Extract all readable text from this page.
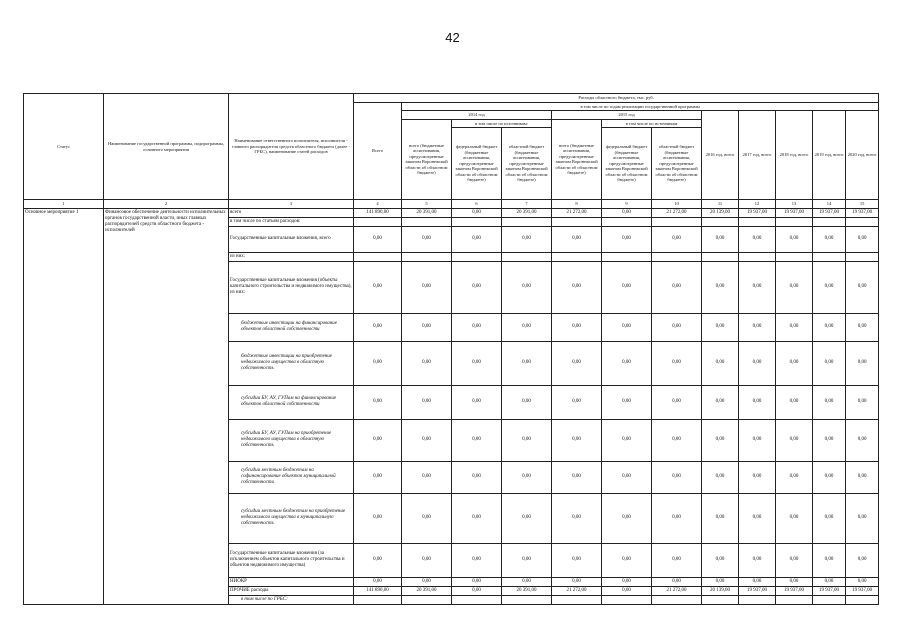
42
Статус	Наименование государственной программы, подпрограммы, основного мероприятия	Наименование ответственного исполнителя, исполнителя - главного распорядителя средств областного бюджета (далее - ГРБС), наименование статей расходов	Расходы областного бюджета, тыс. руб.											
			Всего	в том числе по годам реализации государственной программы										
				2014 год			2015 год			2016 год, всего	2017 год, всего	2018 год, всего	2019 год, всего	2020 год, всего
				всего (бюджетные ассигнования, предусмотренные законом Воронежской области об областном бюджете)	в том числе по источникам:		всего (бюджетные ассигнования, предусмотренные законом Воронежской области об областном бюджете)	в том числе по источникам						
					федеральный бюджет (бюджетные ассигнования, предусмотренные законом Воронежской области об областном бюджете)	областной бюджет (бюджетные ассигнования, предусмотренные законом Воронежской области об областном бюджете)		федеральный бюджет (бюджетные ассигнования, предусмотренные законом Воронежской области об областном бюджете)	областной бюджет (бюджетные ассигнования, предусмотренные законом Воронежской области об областном бюджете)					
1	2	3	4	5	6	7	8	9	10	11	12	13	14	15
Основное мероприятие 1	Финансовое обеспечение деятельности исполнительных органов государственной власти, иных главных распорядителей средств областного бюджета - исполнителей	всего	141 890,00	20 391,00	0,00	20 391,00	21 272,00	0,00	21 272,00	20 139,00	19 937,00	19 937,00	19 937,00	19 937,00
		в том числе по статьям расходов:												
		Государственные капитальные вложения, всего	0,00	0,00	0,00	0,00	0,00	0,00	0,00	0,00	0,00	0,00	0,00	0,00
		из них:												
		Государственные капитальные вложения (объекты капитального строительства и недвижимого имущества), из них:	0,00	0,00	0,00	0,00	0,00	0,00	0,00	0,00	0,00	0,00	0,00	0,00
		бюджетные инвестиции на финансирование объектов областной собственности	0,00	0,00	0,00	0,00	0,00	0,00	0,00	0,00	0,00	0,00	0,00	0,00
		бюджетные инвестиции на приобретение недвижимого имущества в областную собственность	0,00	0,00	0,00	0,00	0,00	0,00	0,00	0,00	0,00	0,00	0,00	0,00
		субсидии БУ, АУ, ГУПам на финансирование объектов областной собственности	0,00	0,00	0,00	0,00	0,00	0,00	0,00	0,00	0,00	0,00	0,00	0,00
		субсидии БУ, АУ, ГУПам на приобретение недвижимого имущества в областную собственность	0,00	0,00	0,00	0,00	0,00	0,00	0,00	0,00	0,00	0,00	0,00	0,00
		субсидии местным бюджетам на софинансирование объектов муниципальной собственности	0,00	0,00	0,00	0,00	0,00	0,00	0,00	0,00	0,00	0,00	0,00	0,00
		субсидии местным бюджетам на приобретение недвижимого имущества в муниципальную собственность	0,00	0,00	0,00	0,00	0,00	0,00	0,00	0,00	0,00	0,00	0,00	0,00
		Государственные капитальные вложения (за исключением объектов капитального строительства и объектов недвижимого имущества)	0,00	0,00	0,00	0,00	0,00	0,00	0,00	0,00	0,00	0,00	0,00	0,00
		НИОКР	0,00	0,00	0,00	0,00	0,00	0,00	0,00	0,00	0,00	0,00	0,00	0,00
		ПРОЧИЕ расходы	141 890,00	20 391,00	0,00	20 391,00	21 272,00	0,00	21 272,00	20 139,00	19 937,00	19 937,00	19 937,00	19 937,00
		в том числе по ГРБС:												
